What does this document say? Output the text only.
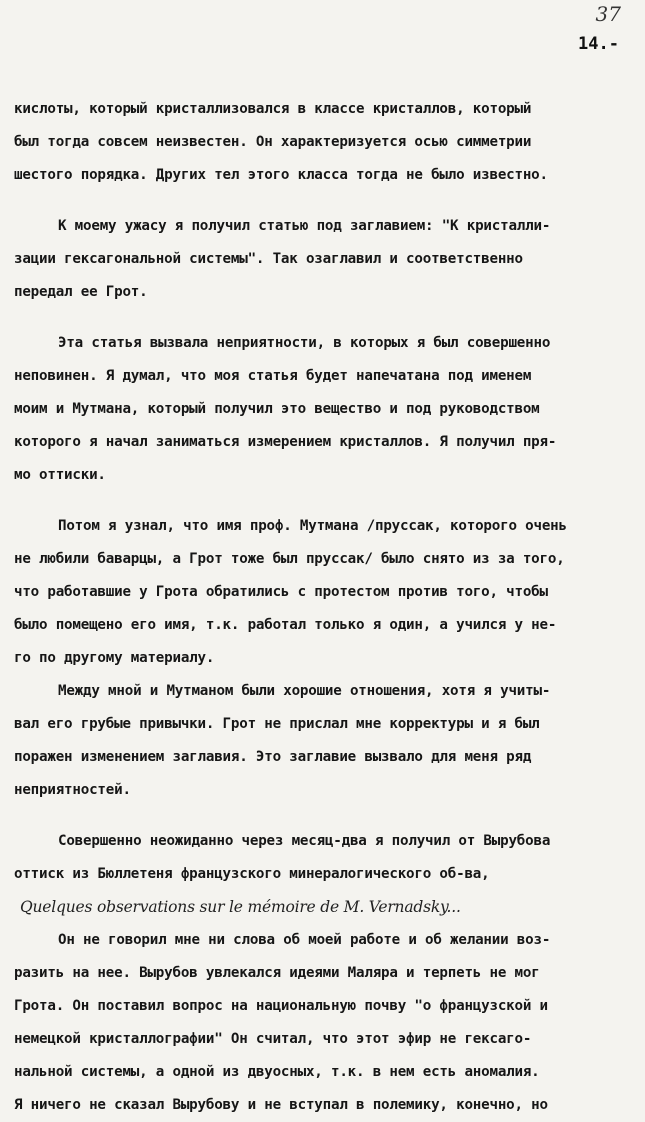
37
14.-
кислоты, который кристаллизовался в классе кристаллов, который
был тогда совсем неизвестен. Он характеризуется осью симметрии
шестого порядка. Других тел этого класса тогда не было известно.
К моему ужасу я получил статью под заглавием: "К кристалли-
зации гексагональной системы". Так озаглавил и соответственно
передал ее Грот.
Эта статья вызвала неприятности, в которых я был совершенно
неповинен. Я думал, что моя статья будет напечатана под именем
моим и Мутмана, который получил это вещество и под руководством
которого я начал заниматься измерением кристаллов. Я получил пря-
мо оттиски.
Потом я узнал, что имя проф. Мутмана /пруссак, которого очень
не любили баварцы, а Грот тоже был пруссак/ было снято из за того,
что работавшие у Грота обратились с протестом против того, чтобы
было помещено его имя, т.к. работал только я один, а учился у не-
го по другому материалу.
Между мной и Мутманом были хорошие отношения, хотя я учиты-
вал его грубые привычки. Грот не прислал мне корректуры и я был
поражен изменением заглавия. Это заглавие вызвало для меня ряд
неприятностей.
Совершенно неожиданно через месяц-два я получил от Вырубова
оттиск из Бюллетеня французского минералогического об-ва,
Quelques observations sur le mémoire de M. Vernadsky...
Он не говорил мне ни слова об моей работе и об желании воз-
разить на нее. Вырубов увлекался идеями Маляра и терпеть не мог
Грота. Он поставил вопрос на национальную почву "о французской и
немецкой кристаллографии" Он считал, что этот эфир не гексаго-
нальной системы, а одной из двуосных, т.к. в нем есть аномалия.
Я ничего не сказал Вырубову и не вступал в полемику, конечно, но
